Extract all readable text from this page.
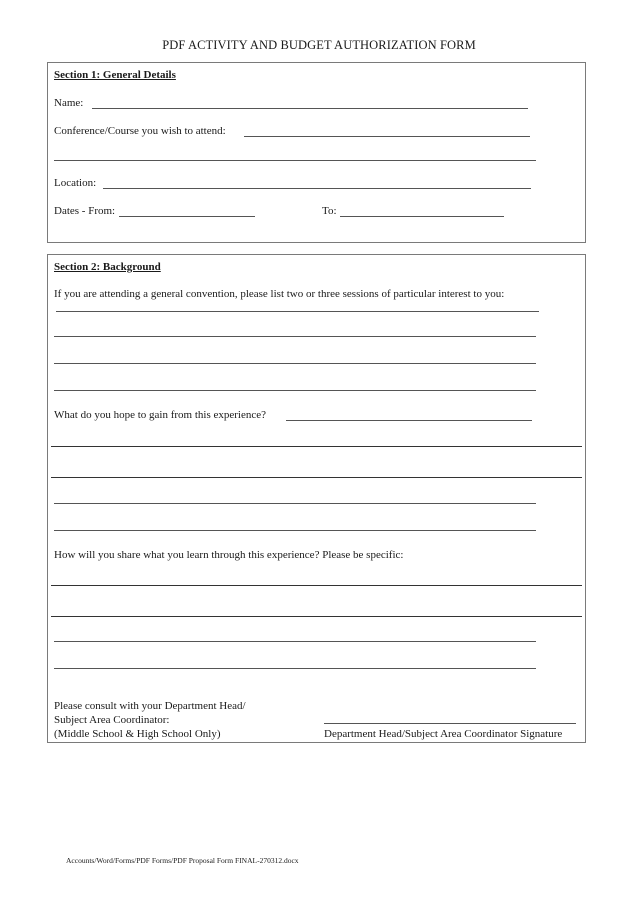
PDF ACTIVITY AND BUDGET AUTHORIZATION FORM
Section 1: General Details
Name:
Conference/Course you wish to attend:
Location:
Dates - From:	To:
Section 2: Background
If you are attending a general convention, please list two or three sessions of particular interest to you:
What do you hope to gain from this experience?
How will you share what you learn through this experience? Please be specific:
Please consult with your Department Head/
Subject Area Coordinator:
(Middle School & High School Only)	Department Head/Subject Area Coordinator Signature
Accounts/Word/Forms/PDF Forms/PDF Proposal Form FINAL-270312.docx
